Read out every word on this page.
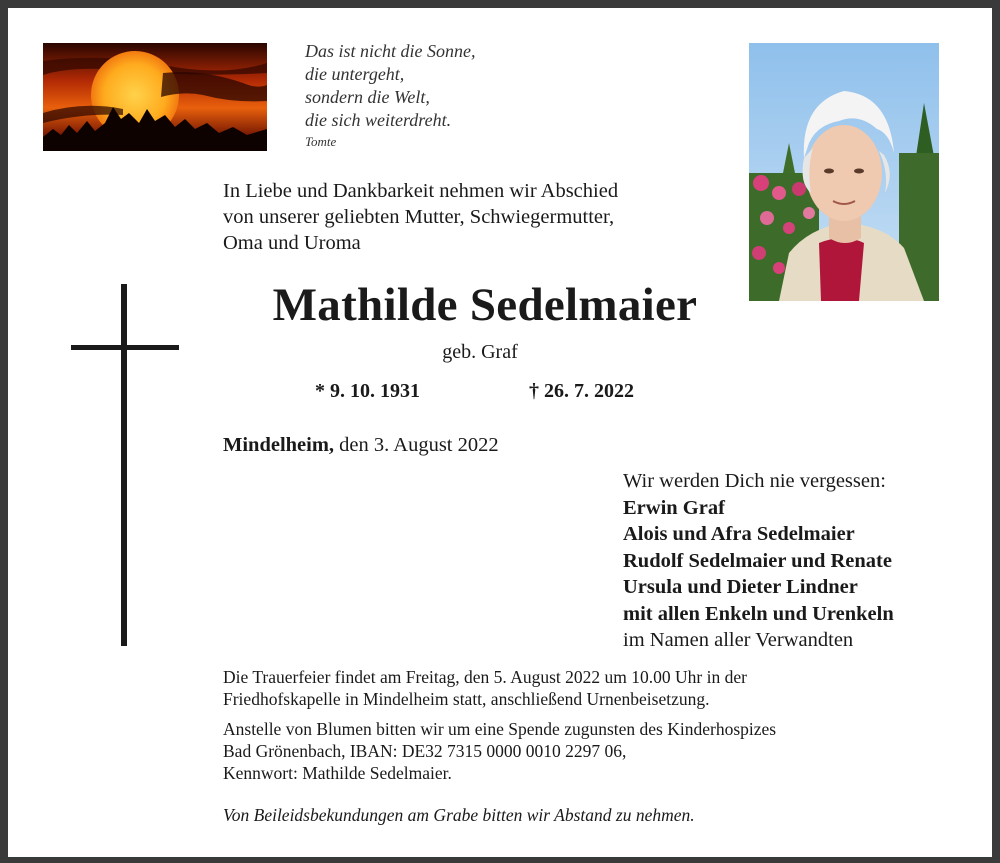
Das ist nicht die Sonne,
die untergeht,
sondern die Welt,
die sich weiterdreht.
Tomte
In Liebe und Dankbarkeit nehmen wir Abschied
von unserer geliebten Mutter, Schwiegermutter,
Oma und Uroma
Mathilde Sedelmaier
geb. Graf
* 9. 10. 1931	† 26. 7. 2022
Mindelheim, den 3. August 2022
Wir werden Dich nie vergessen:
Erwin Graf
Alois und Afra Sedelmaier
Rudolf Sedelmaier und Renate
Ursula und Dieter Lindner
mit allen Enkeln und Urenkeln
im Namen aller Verwandten
Die Trauerfeier findet am Freitag, den 5. August 2022 um 10.00 Uhr in der
Friedhofskapelle in Mindelheim statt, anschließend Urnenbeisetzung.
Anstelle von Blumen bitten wir um eine Spende zugunsten des Kinderhospizes
Bad Grönenbach, IBAN: DE32 7315 0000 0010 2297 06,
Kennwort: Mathilde Sedelmaier.
Von Beileidsbekundungen am Grabe bitten wir Abstand zu nehmen.
